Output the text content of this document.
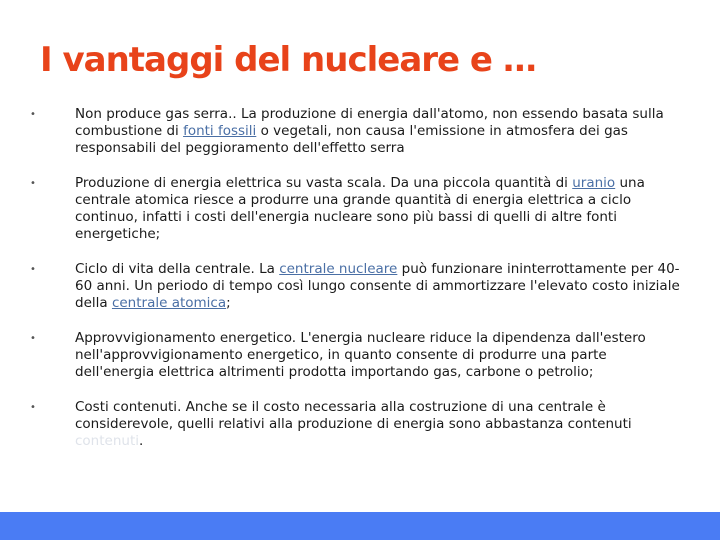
I vantaggi del nucleare e …
•	Non produce gas serra.. La produzione di energia dall'atomo, non essendo basata sulla combustione di fonti fossili o vegetali, non causa l'emissione in atmosfera dei gas responsabili del peggioramento dell'effetto serra
•	Produzione di energia elettrica su vasta scala. Da una piccola quantità di uranio una centrale atomica riesce a produrre una grande quantità di energia elettrica a ciclo continuo, infatti i costi dell'energia nucleare sono più bassi di quelli di altre fonti energetiche;
•	Ciclo di vita della centrale. La centrale nucleare può funzionare ininterrottamente per 40-60 anni. Un periodo di tempo così lungo consente di ammortizzare l'elevato costo iniziale della centrale atomica;
•	Approvvigionamento energetico. L'energia nucleare riduce la dipendenza dall'estero nell'approvvigionamento energetico, in quanto consente di produrre una parte dell'energia elettrica altrimenti prodotta importando gas, carbone o petrolio;
•	Costi contenuti. Anche se il costo necessaria alla costruzione di una centrale è considerevole, quelli relativi alla produzione di energia sono abbastanza contenuti contenuti.
